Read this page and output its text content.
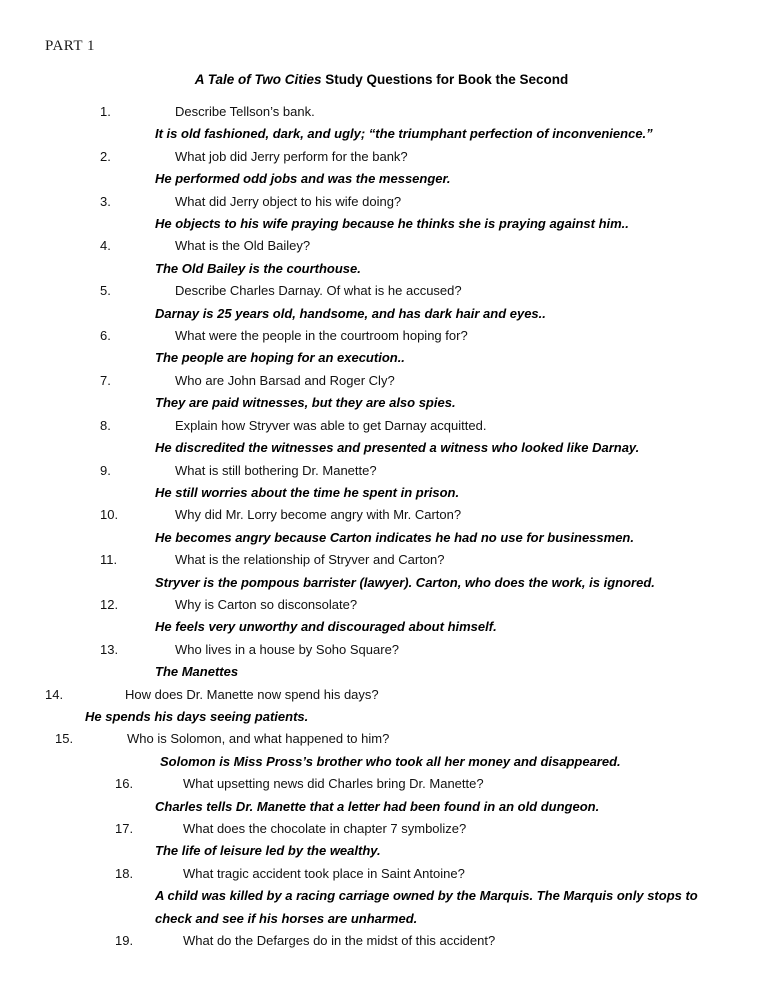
PART 1
A Tale of Two Cities Study Questions for Book the Second
1.	Describe Tellson’s bank.
It is old fashioned, dark, and ugly; “the triumphant perfection of inconvenience.”
2.	What job did Jerry perform for the bank?
He performed odd jobs and was the messenger.
3.	What did Jerry object to his wife doing?
He objects to his wife praying because he thinks she is praying against him..
4.	What is the Old Bailey?
The Old Bailey is the courthouse.
5.	Describe Charles Darnay. Of what is he accused?
Darnay is 25 years old, handsome, and has dark hair and eyes..
6.	What were the people in the courtroom hoping for?
The people are hoping for an execution..
7.	Who are John Barsad and Roger Cly?
They are paid witnesses, but they are also spies.
8.	Explain how Stryver was able to get Darnay acquitted.
He discredited the witnesses and presented a witness who looked like Darnay.
9.	What is still bothering Dr. Manette?
He still worries about the time he spent in prison.
10.	Why did Mr. Lorry become angry with Mr. Carton?
He becomes angry because Carton indicates he had no use for businessmen.
11.	What is the relationship of Stryver and Carton?
Stryver is the pompous barrister (lawyer). Carton, who does the work, is ignored.
12.	Why is Carton so disconsolate?
He feels very unworthy and discouraged about himself.
13.	Who lives in a house by Soho Square?
The Manettes
14.	How does Dr. Manette now spend his days?
He spends his days seeing patients.
15.	Who is Solomon, and what happened to him?
Solomon is Miss Pross’s brother who took all her money and disappeared.
16.	What upsetting news did Charles bring Dr. Manette?
Charles tells Dr. Manette that a letter had been found in an old dungeon.
17.	What does the chocolate in chapter 7 symbolize?
The life of leisure led by the wealthy.
18.	What tragic accident took place in Saint Antoine?
A child was killed by a racing carriage owned by the Marquis. The Marquis only stops to check and see if his horses are unharmed.
19.	What do the Defarges do in the midst of this accident?
